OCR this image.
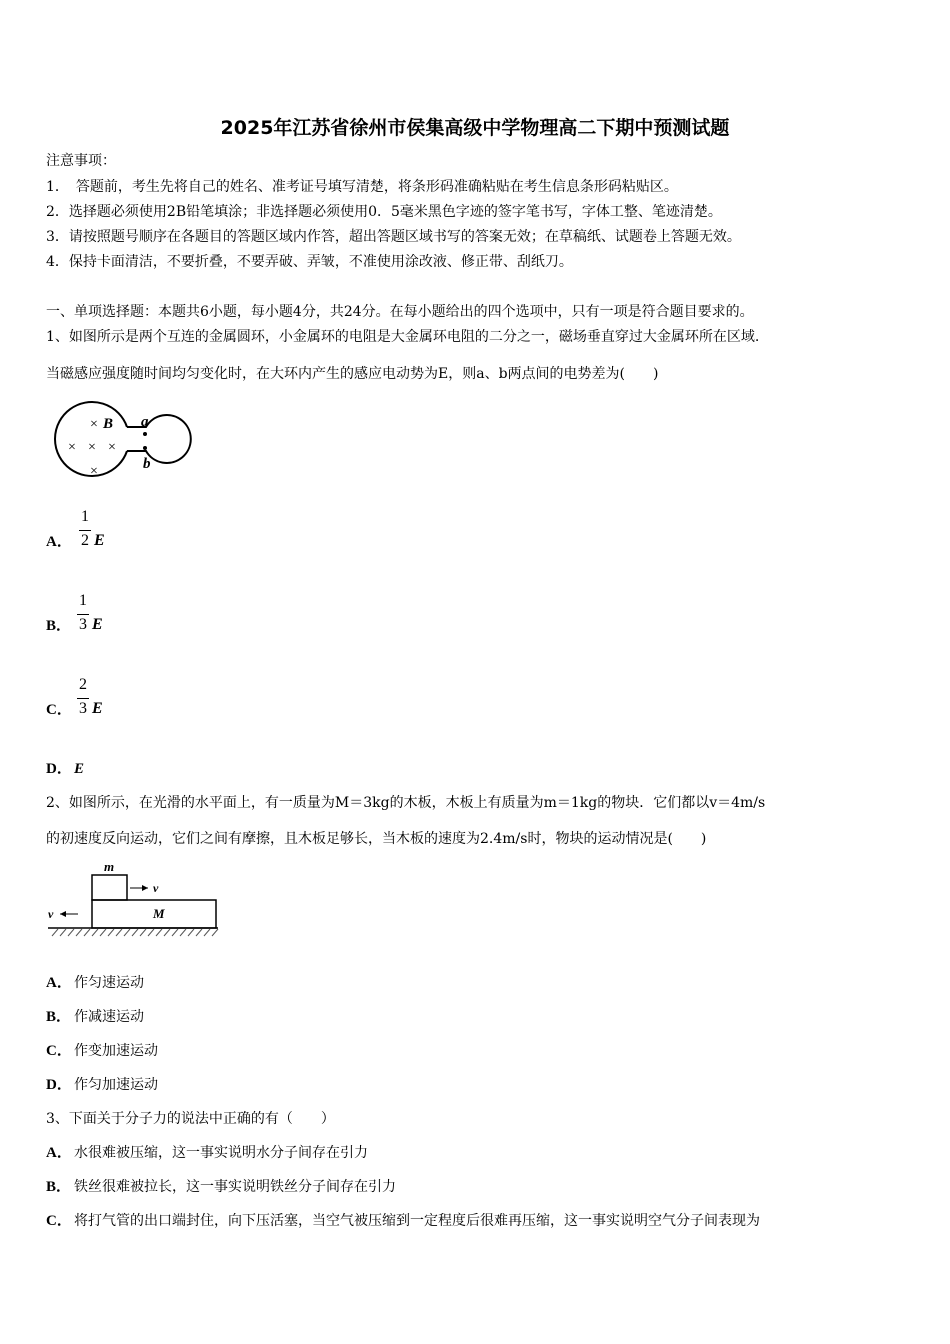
2025年江苏省徐州市侯集高级中学物理高二下期中预测试题
注意事项：
1．　答题前，考生先将自己的姓名、准考证号填写清楚，将条形码准确粘贴在考生信息条形码粘贴区。
2．选择题必须使用2B铅笔填涂；非选择题必须使用0．5毫米黑色字迹的签字笔书写，字体工整、笔迹清楚。
3．请按照题号顺序在各题目的答题区域内作答，超出答题区域书写的答案无效；在草稿纸、试题卷上答题无效。
4．保持卡面清洁，不要折叠，不要弄破、弄皱，不准使用涂改液、修正带、刮纸刀。
一、单项选择题：本题共6小题，每小题4分，共24分。在每小题给出的四个选项中，只有一项是符合题目要求的。
1、如图所示是两个互连的金属圆环，小金属环的电阻是大金属环电阻的二分之一，磁场垂直穿过大金属环所在区域.
当磁感应强度随时间均匀变化时，在大环内产生的感应电动势为E，则a、b两点间的电势差为(　　)
× B
× × ×
×
a
b
A．
1
2 E
B．
1
3 E
C．
2
3 E
D． E
2、如图所示，在光滑的水平面上，有一质量为M＝3kg的木板，木板上有质量为m＝1kg的物块．它们都以v＝4m/s
的初速度反向运动，它们之间有摩擦，且木板足够长，当木板的速度为2.4m/s时，物块的运动情况是(　　)
m
M
v
v
A． 作匀速运动
B． 作减速运动
C． 作变加速运动
D． 作匀加速运动
3、下面关于分子力的说法中正确的有（　　）
A． 水很难被压缩，这一事实说明水分子间存在引力
B． 铁丝很难被拉长，这一事实说明铁丝分子间存在引力
C． 将打气管的出口端封住，向下压活塞，当空气被压缩到一定程度后很难再压缩，这一事实说明空气分子间表现为
